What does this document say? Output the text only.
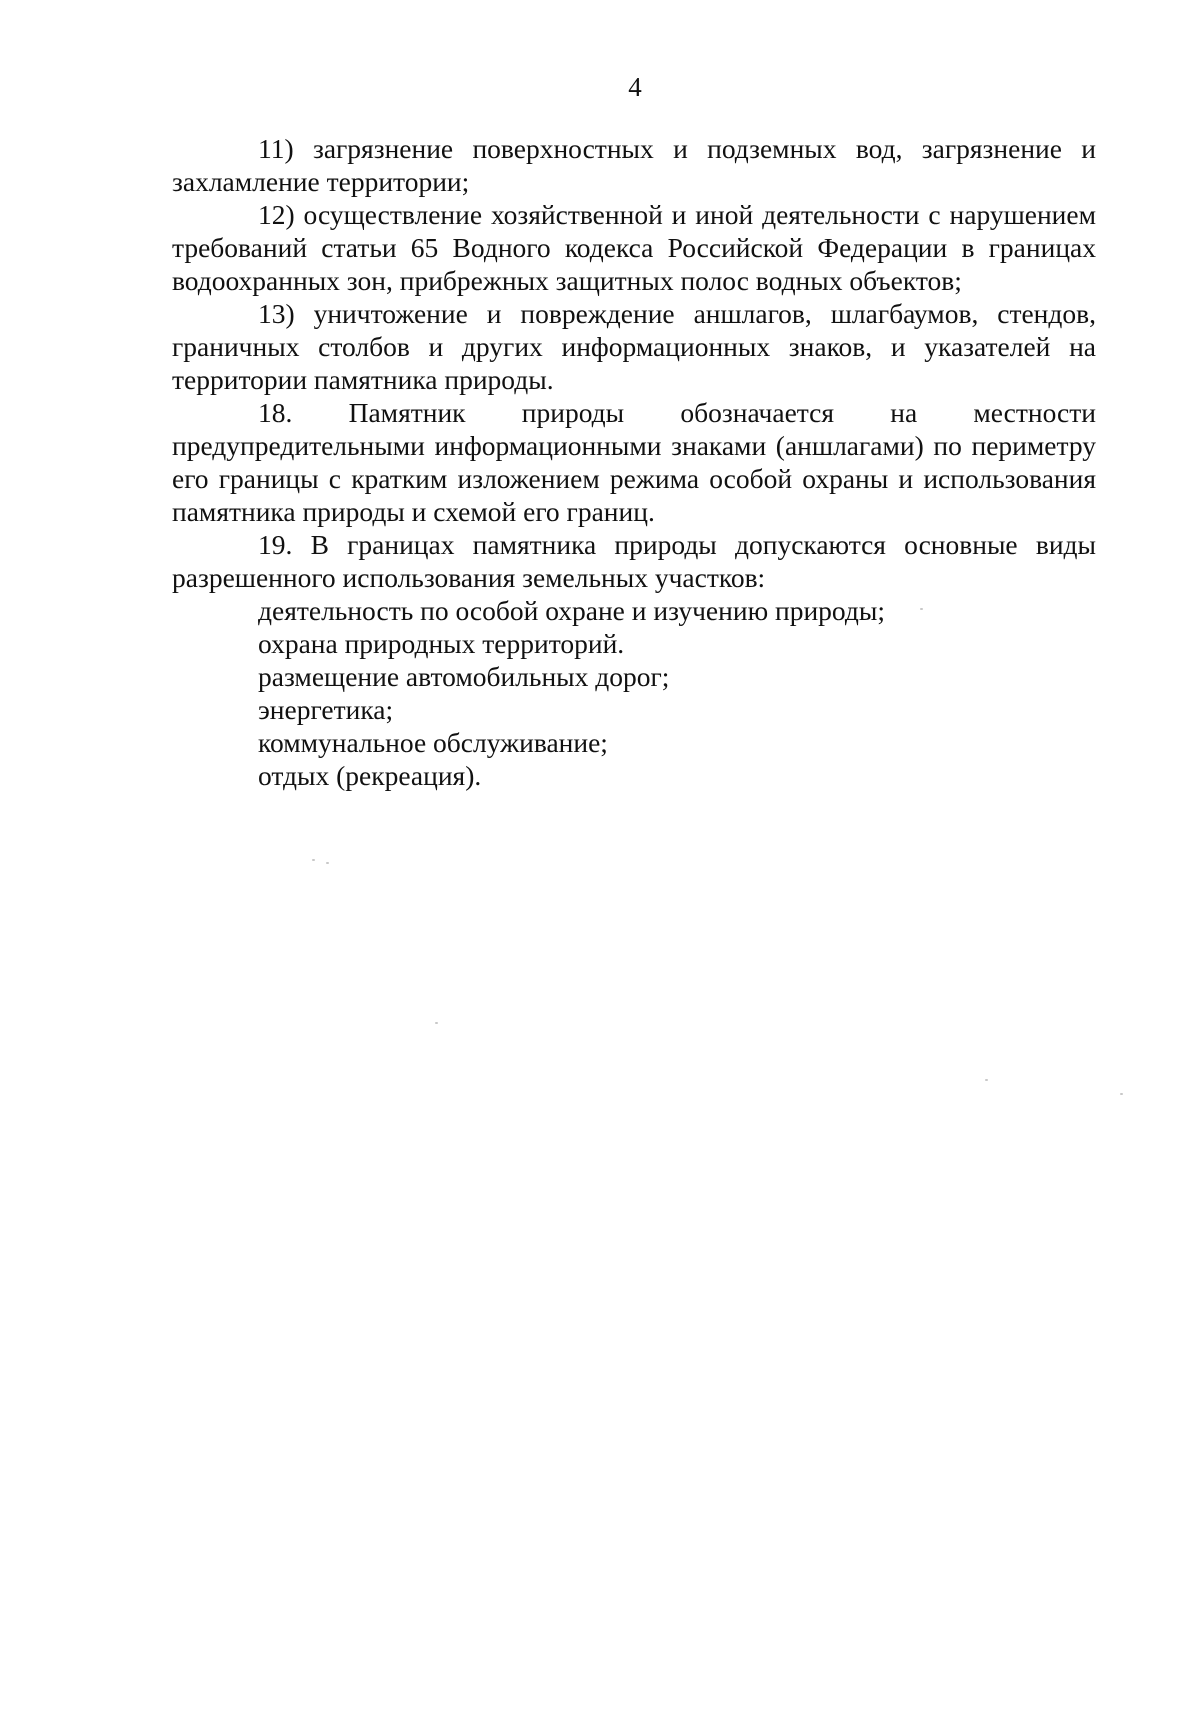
4

11) загрязнение поверхностных и подземных вод, загрязнение и захламление территории;

12) осуществление хозяйственной и иной деятельности с нарушением требований статьи 65 Водного кодекса Российской Федерации в границах водоохранных зон, прибрежных защитных полос водных объектов;

13) уничтожение и повреждение аншлагов, шлагбаумов, стендов, граничных столбов и других информационных знаков, и указателей на территории памятника природы.

18. Памятник природы обозначается на местности предупредительными информационными знаками (аншлагами) по периметру его границы с кратким изложением режима особой охраны и использования памятника природы и схемой его границ.

19. В границах памятника природы допускаются основные виды разрешенного использования земельных участков:

деятельность по особой охране и изучению природы;
охрана природных территорий.
размещение автомобильных дорог;
энергетика;
коммунальное обслуживание;
отдых (рекреация).
